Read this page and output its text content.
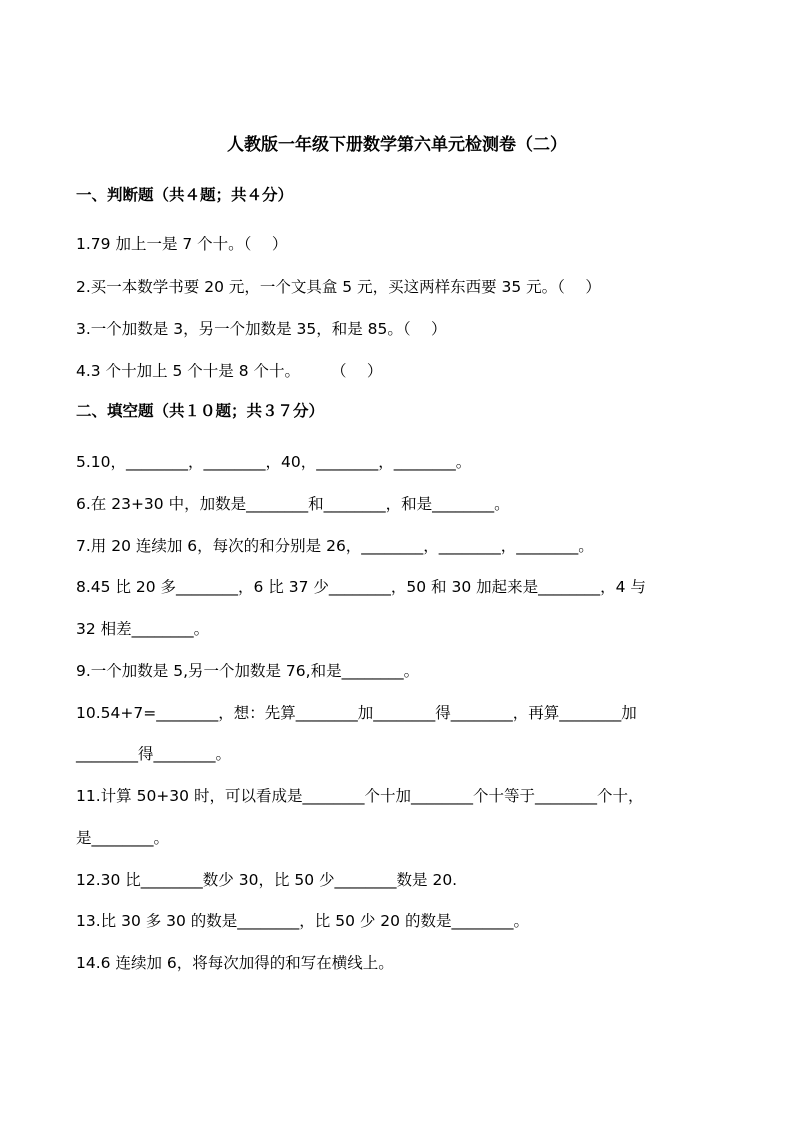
人教版一年级下册数学第六单元检测卷（二）
一、判断题（共４题；共４分）
1.79 加上一是 7 个十。（　 ）
2.买一本数学书要 20 元，一个文具盒 5 元，买这两样东西要 35 元。（　 ）
3.一个加数是 3，另一个加数是 35，和是 85。（　 ）
4.3 个十加上 5 个十是 8 个十。　　　（　 ）
二、填空题（共１０题；共３７分）
5.10，________，________，40，________，________。
6.在 23+30 中，加数是________和________，和是________。
7.用 20 连续加 6，每次的和分别是 26，________，________，________。
8.45 比 20 多________，6 比 37 少________，50 和 30 加起来是________，4 与
32 相差________。
9.一个加数是 5,另一个加数是 76,和是________。
10.54+7=________，想：先算________加________得________，再算________加
________得________。
11.计算 50+30 时，可以看成是________个十加________个十等于________个十，
是________。
12.30 比________数少 30，比 50 少________数是 20.
13.比 30 多 30 的数是________，比 50 少 20 的数是________。
14.6 连续加 6，将每次加得的和写在横线上。
